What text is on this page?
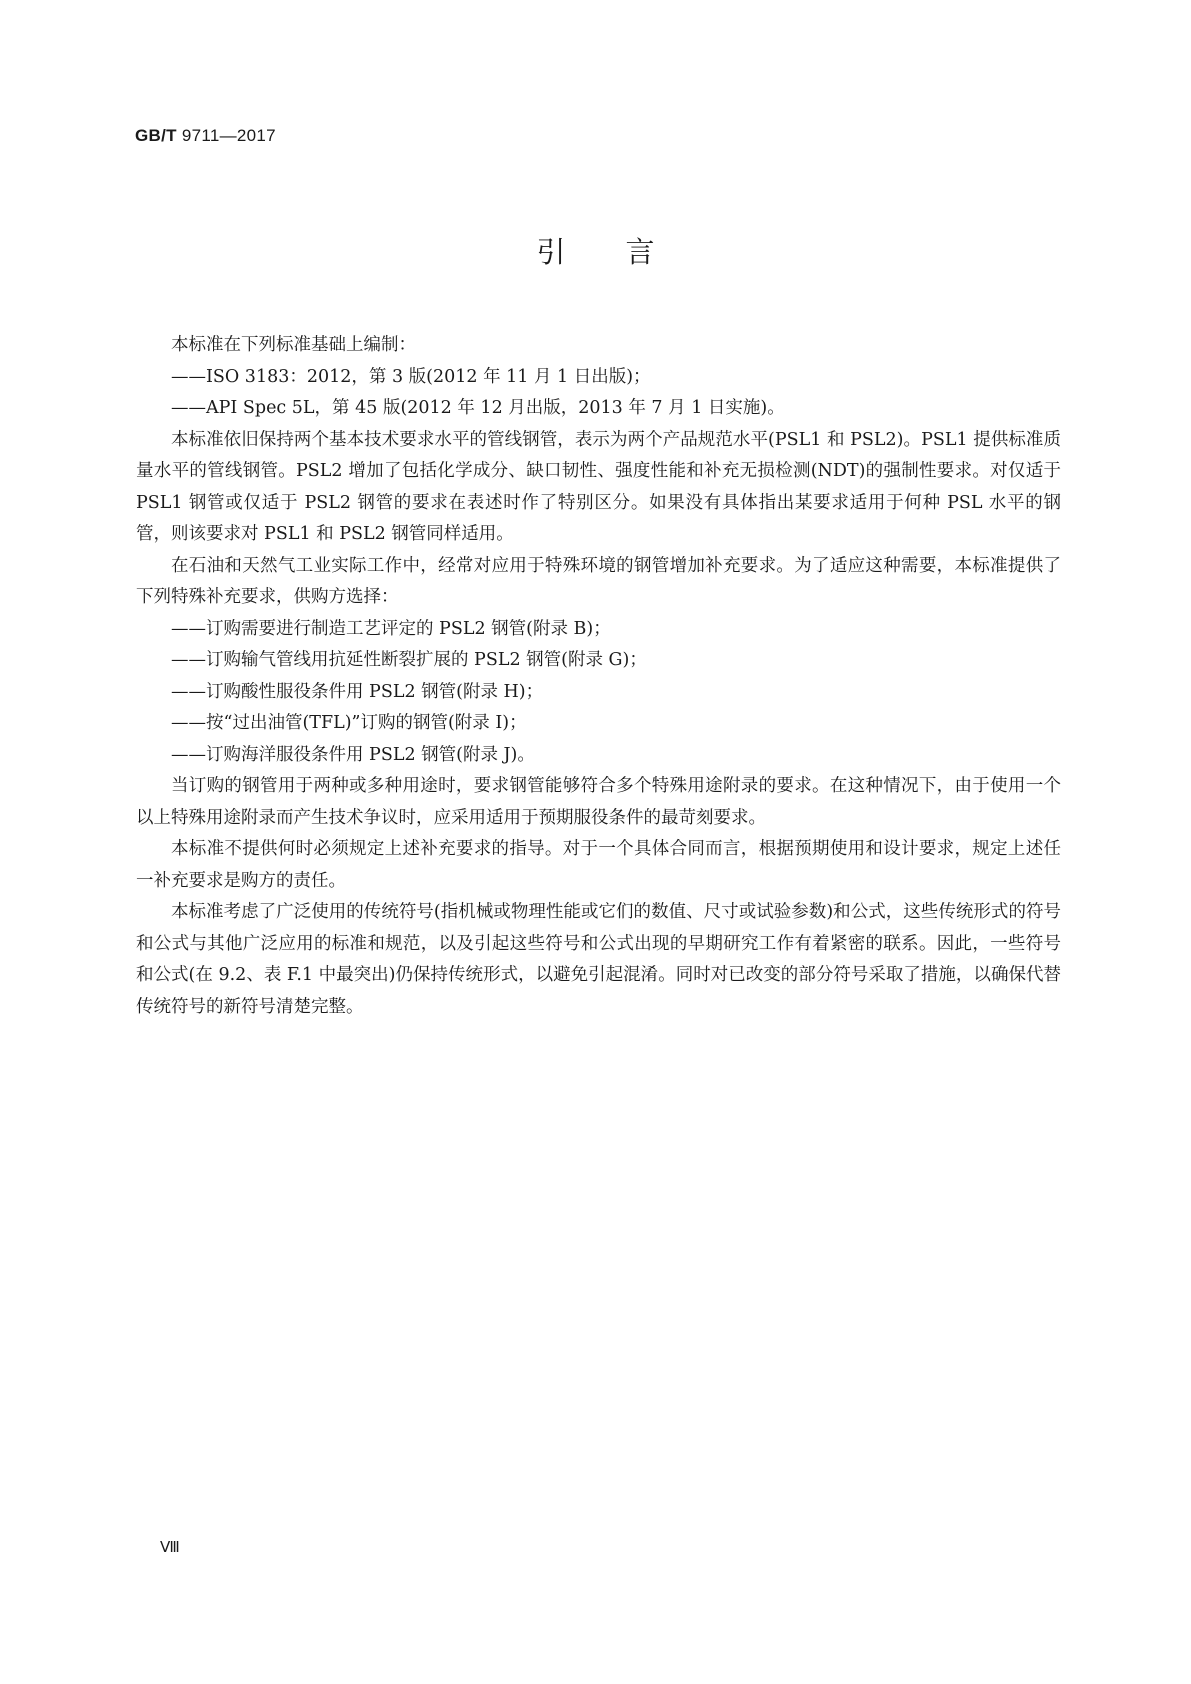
GB/T 9711—2017
引言

本标准在下列标准基础上编制：

——ISO 3183：2012，第 3 版(2012 年 11 月 1 日出版)；

——API Spec 5L，第 45 版(2012 年 12 月出版，2013 年 7 月 1 日实施)。

本标准依旧保持两个基本技术要求水平的管线钢管，表示为两个产品规范水平(PSL1 和 PSL2)。PSL1 提供标准质量水平的管线钢管。PSL2 增加了包括化学成分、缺口韧性、强度性能和补充无损检测(NDT)的强制性要求。对仅适于 PSL1 钢管或仅适于 PSL2 钢管的要求在表述时作了特别区分。如果没有具体指出某要求适用于何种 PSL 水平的钢管，则该要求对 PSL1 和 PSL2 钢管同样适用。

在石油和天然气工业实际工作中，经常对应用于特殊环境的钢管增加补充要求。为了适应这种需要，本标准提供了下列特殊补充要求，供购方选择：

——订购需要进行制造工艺评定的 PSL2 钢管(附录 B)；

——订购输气管线用抗延性断裂扩展的 PSL2 钢管(附录 G)；

——订购酸性服役条件用 PSL2 钢管(附录 H)；

——按“过出油管(TFL)”订购的钢管(附录 I)；

——订购海洋服役条件用 PSL2 钢管(附录 J)。

当订购的钢管用于两种或多种用途时，要求钢管能够符合多个特殊用途附录的要求。在这种情况下，由于使用一个以上特殊用途附录而产生技术争议时，应采用适用于预期服役条件的最苛刻要求。

本标准不提供何时必须规定上述补充要求的指导。对于一个具体合同而言，根据预期使用和设计要求，规定上述任一补充要求是购方的责任。

本标准考虑了广泛使用的传统符号(指机械或物理性能或它们的数值、尺寸或试验参数)和公式，这些传统形式的符号和公式与其他广泛应用的标准和规范，以及引起这些符号和公式出现的早期研究工作有着紧密的联系。因此，一些符号和公式(在 9.2、表 F.1 中最突出)仍保持传统形式，以避免引起混淆。同时对已改变的部分符号采取了措施，以确保代替传统符号的新符号清楚完整。

Ⅷ
